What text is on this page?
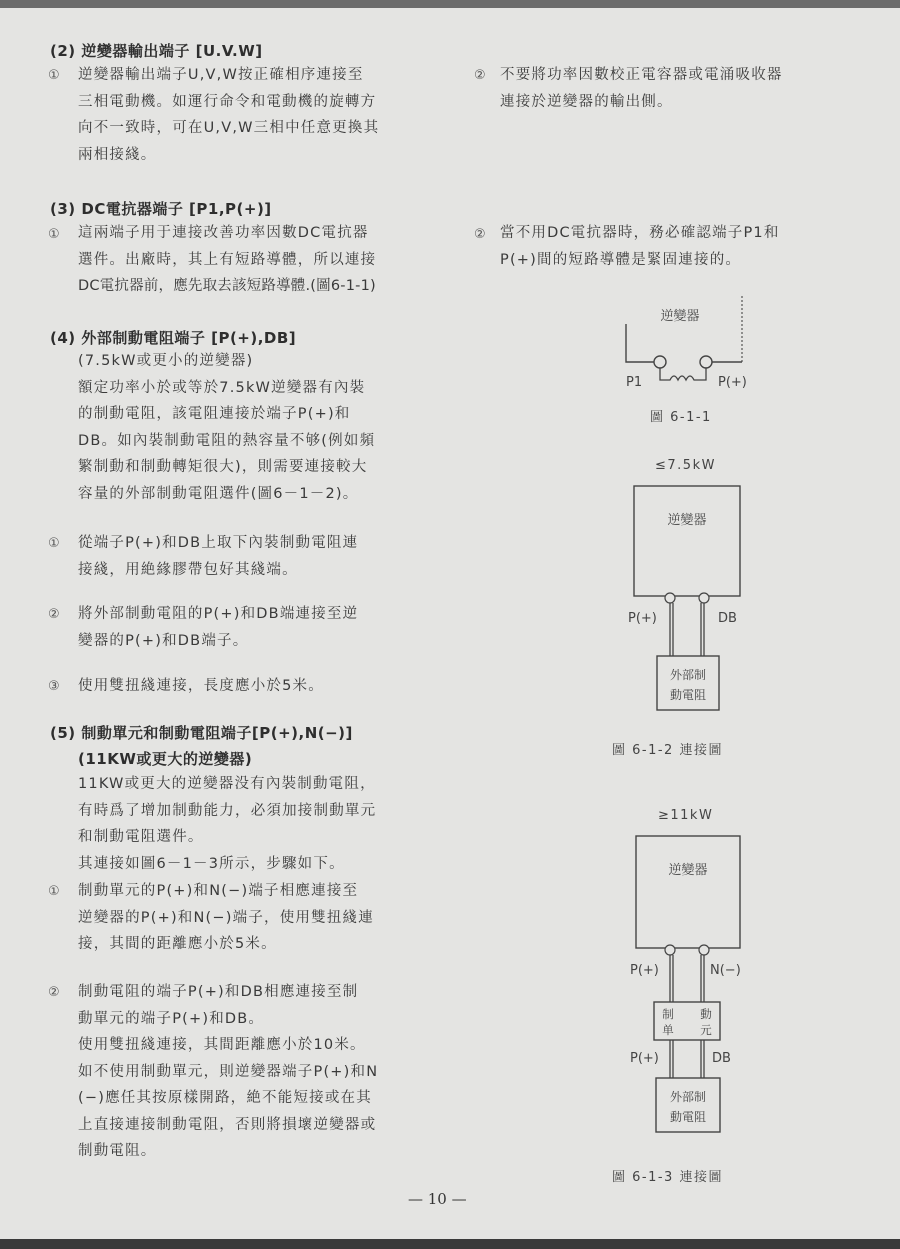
(2) 逆變器輸出端子 [U.V.W]
① 逆變器輸出端子U,V,W按正確相序連接至

三相電動機。如運行命令和電動機的旋轉方

向不一致時，可在U,V,W三相中任意更換其

兩相接綫。

(3) DC電抗器端子 [P1,P(+)]
① 這兩端子用于連接改善功率因數DC電抗器

選件。出廠時，其上有短路導體，所以連接

DC電抗器前，應先取去該短路導體.(圖6-1-1)

(4) 外部制動電阻端子 [P(+),DB]

(7.5kW或更小的逆變器)

額定功率小於或等於7.5kW逆變器有內裝

的制動電阻，該電阻連接於端子P(+)和

DB。如內裝制動電阻的熱容量不够(例如頻

繁制動和制動轉矩很大)，則需要連接較大

容量的外部制動電阻選件(圖6－1－2)。

① 從端子P(+)和DB上取下內裝制動電阻連

接綫，用絶緣膠帶包好其綫端。

② 將外部制動電阻的P(+)和DB端連接至逆

變器的P(+)和DB端子。

③ 使用雙扭綫連接，長度應小於5米。

(5) 制動單元和制動電阻端子[P(+),N(−)]
(11KW或更大的逆變器)

11KW或更大的逆變器没有內裝制動電阻，

有時爲了增加制動能力，必須加接制動單元

和制動電阻選件。

其連接如圖6－1－3所示，步驟如下。

① 制動單元的P(+)和N(−)端子相應連接至

逆變器的P(+)和N(−)端子，使用雙扭綫連

接，其間的距離應小於5米。

② 制動電阻的端子P(+)和DB相應連接至制

動單元的端子P(+)和DB。

使用雙扭綫連接，其間距離應小於10米。

如不使用制動單元，則逆變器端子P(+)和N

(−)應任其按原樣開路，絶不能短接或在其

上直接連接制動電阻，否則將損壞逆變器或

制動電阻。

② 不要將功率因數校正電容器或電涌吸收器

連接於逆變器的輸出側。

② 當不用DC電抗器時，務必確認端子P1和

P(+)間的短路導體是緊固連接的。

逆變器
P1	P(+)
圖 6-1-1
≤7.5kW
逆變器
P(+)	DB
外部制
動電阻
圖 6-1-2 連接圖
≥11kW
逆變器
P(+)	N(−)
制 動
单 元
P(+)	DB
外部制
動電阻
圖 6-1-3 連接圖
— 10 —
